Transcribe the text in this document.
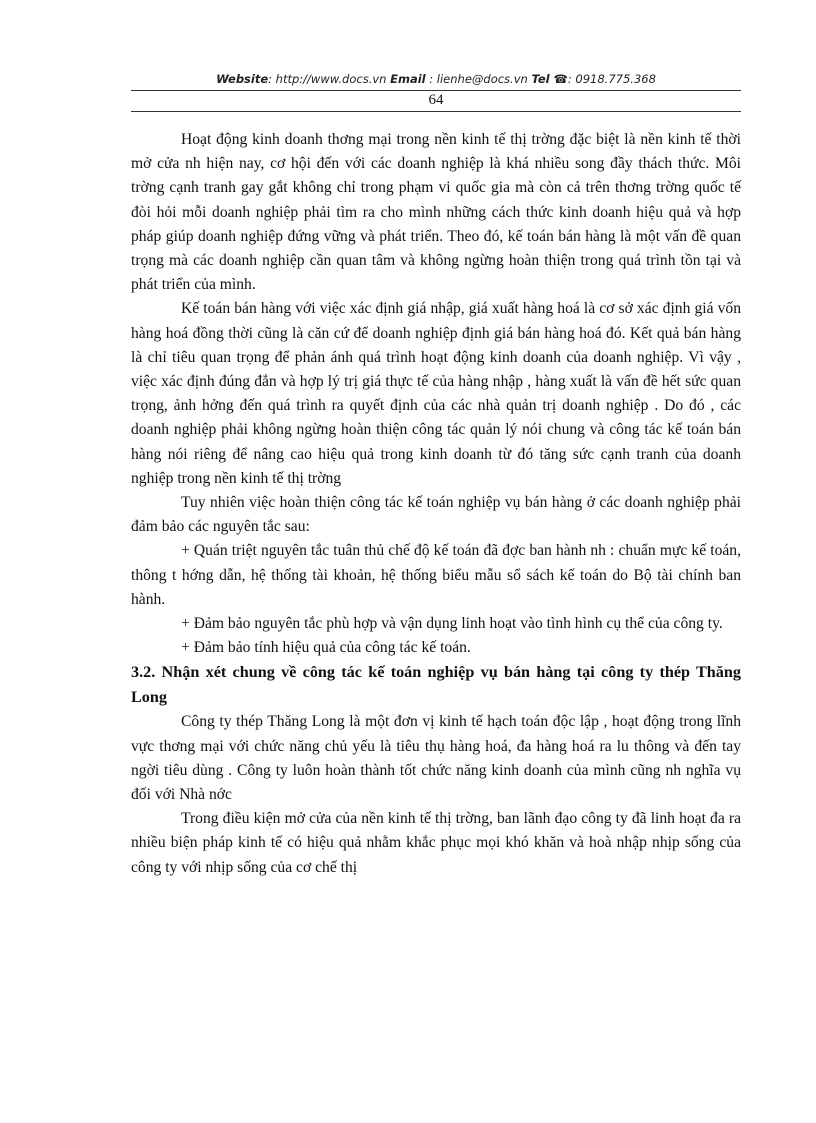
Website: http://www.docs.vn Email : lienhe@docs.vn Tel ☎: 0918.775.368
64

Hoạt động kinh doanh thơng mại trong nền kinh tế thị trờng đặc biệt là nền kinh tế thời mở cửa nh hiện nay, cơ hội đến với các doanh nghiệp là khá nhiều song đầy thách thức. Môi trờng cạnh tranh gay gắt không chỉ trong phạm vi quốc gia mà còn cả trên thơng trờng quốc tế đòi hỏi mỗi doanh nghiệp phải tìm ra cho mình những cách thức kinh doanh hiệu quả và hợp pháp giúp doanh nghiệp đứng vững và phát triển. Theo đó, kế toán bán hàng là một vấn đề quan trọng mà các doanh nghiệp cần quan tâm và không ngừng hoàn thiện trong quá trình tồn tại và phát triển của mình.

Kế toán bán hàng với việc xác định giá nhập, giá xuất hàng hoá là cơ sở xác định giá vốn hàng hoá đồng thời cũng là căn cứ để doanh nghiệp định giá bán hàng hoá đó. Kết quả bán hàng là chỉ tiêu quan trọng để phản ánh quá trình hoạt động kinh doanh của doanh nghiệp. Vì vậy , việc xác định đúng đắn và hợp lý trị giá thực tế của hàng nhập , hàng xuất là vấn đề hết sức quan trọng, ảnh hởng đến quá trình ra quyết định của các nhà quản trị doanh nghiệp . Do đó , các doanh nghiệp phải không ngừng hoàn thiện công tác quản lý nói chung và công tác kế toán bán hàng nói riêng để nâng cao hiệu quả trong kinh doanh từ đó tăng sức cạnh tranh của doanh nghiệp trong nền kinh tế thị trờng

Tuy nhiên việc hoàn thiện công tác kế toán nghiệp vụ bán hàng ở các doanh nghiệp phải đảm bảo các nguyên tắc sau:

+ Quán triệt nguyên tắc tuân thủ chế độ kế toán đã đợc ban hành nh : chuẩn mực kế toán, thông t hớng dẫn, hệ thống tài khoản, hệ thống biểu mẫu sổ sách kế toán do Bộ tài chính ban hành.

+ Đảm bảo nguyên tắc phù hợp và vận dụng linh hoạt vào tình hình cụ thể của công ty.

+ Đảm bảo tính hiệu quả của công tác kế toán.

3.2. Nhận xét chung về công tác kế toán nghiệp vụ bán hàng tại công ty thép Thăng Long

Công ty thép Thăng Long là một đơn vị kinh tế hạch toán độc lập , hoạt động trong lĩnh vực thơng mại với chức năng chủ yếu là tiêu thụ hàng hoá, đa hàng hoá ra lu thông và đến tay ngời tiêu dùng . Công ty luôn hoàn thành tốt chức năng kinh doanh của mình cũng nh nghĩa vụ đối với Nhà nớc

Trong điều kiện mở cửa của nền kinh tế thị trờng, ban lãnh đạo công ty đã linh hoạt đa ra nhiều biện pháp kinh tế có hiệu quả nhằm khắc phục mọi khó khăn và hoà nhập nhịp sống của công ty với nhịp sống của cơ chế thị
